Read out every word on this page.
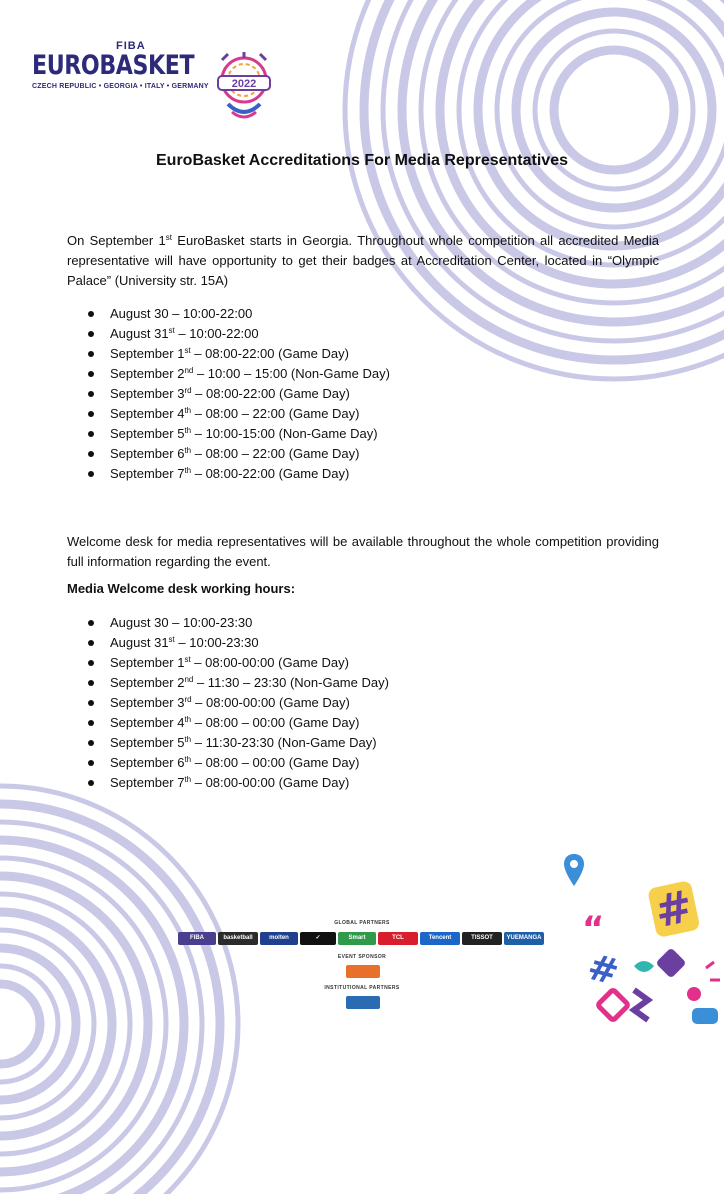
FIBA
EUROBASKET
CZECH REPUBLIC • GEORGIA • ITALY • GERMANY 2022
EuroBasket Accreditations For Media Representatives
On September 1st EuroBasket starts in Georgia. Throughout whole competition all accredited Media representative will have opportunity to get their badges at Accreditation Center, located in “Olympic Palace” (University str. 15A)
August 30 – 10:00-22:00
August 31st – 10:00-22:00
September 1st – 08:00-22:00 (Game Day)
September 2nd – 10:00 – 15:00 (Non-Game Day)
September 3rd – 08:00-22:00 (Game Day)
September 4th – 08:00 – 22:00 (Game Day)
September 5th – 10:00-15:00 (Non-Game Day)
September 6th – 08:00 – 22:00 (Game Day)
September 7th – 08:00-22:00 (Game Day)
Welcome desk for media representatives will be available throughout the whole competition providing full information regarding the event.
Media Welcome desk working hours:
August 30 – 10:00-23:30
August 31st – 10:00-23:30
September 1st – 08:00-00:00 (Game Day)
September 2nd – 11:30 – 23:30 (Non-Game Day)
September 3rd – 08:00-00:00 (Game Day)
September 4th – 08:00 – 00:00 (Game Day)
September 5th – 11:30-23:30 (Non-Game Day)
September 6th – 08:00 – 00:00 (Game Day)
September 7th – 08:00-00:00 (Game Day)
#
“
#
GLOBAL PARTNERS
FIBA	basketball	molten	✓	Smart	TCL	Tencent	TISSOT	YUEMANGA
EVENT SPONSOR
INSTITUTIONAL PARTNERS
